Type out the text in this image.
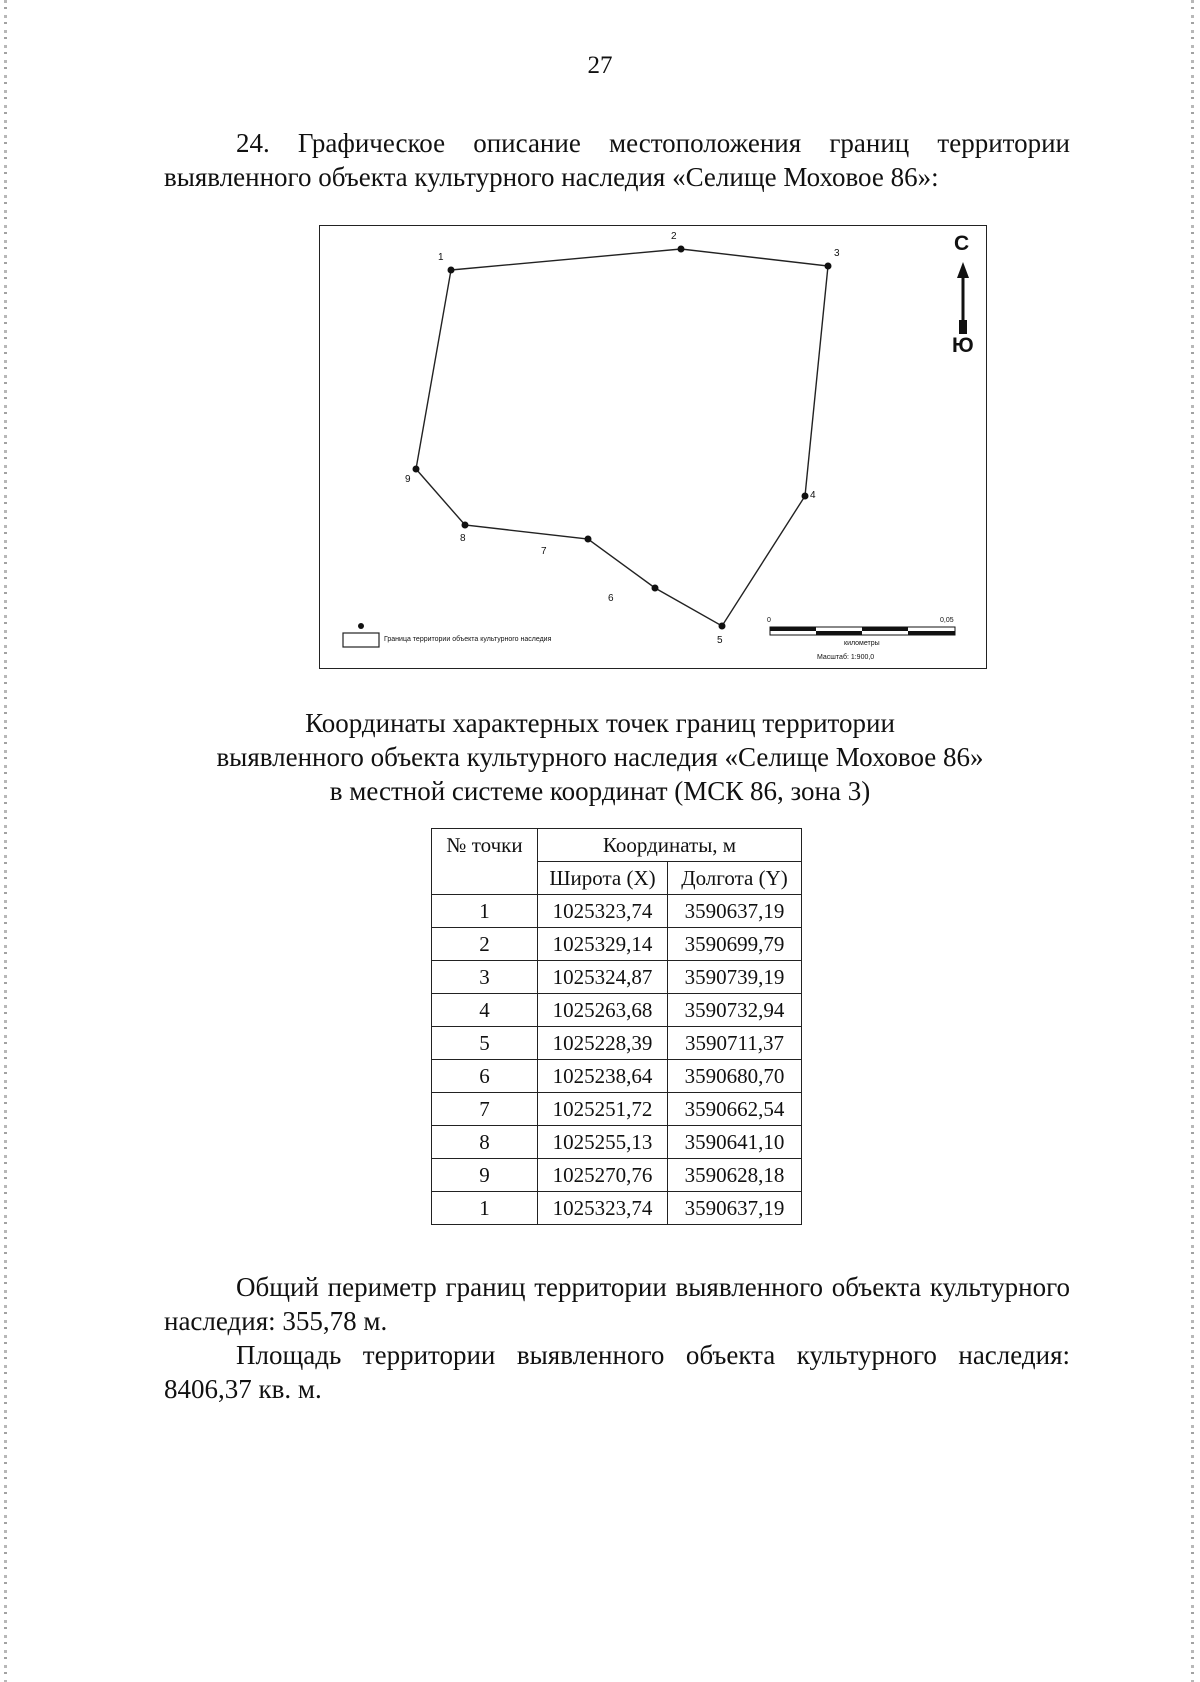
27
24. Графическое описание местоположения границ территории выявленного объекта культурного наследия «Селище Моховое 86»:
1
2
3
4
5
6
7
8
9
С
Ю
Граница территории объекта культурного наследия
0	0,05
километры
Масштаб: 1:900,0
Координаты характерных точек границ территории
выявленного объекта культурного наследия «Селище Моховое 86»
в местной системе координат (МСК 86, зона 3)
№ точки	Координаты, м	
	Широта (X)	Долгота (Y)
1	1025323,74	3590637,19
2	1025329,14	3590699,79
3	1025324,87	3590739,19
4	1025263,68	3590732,94
5	1025228,39	3590711,37
6	1025238,64	3590680,70
7	1025251,72	3590662,54
8	1025255,13	3590641,10
9	1025270,76	3590628,18
1	1025323,74	3590637,19
Общий периметр границ территории выявленного объекта культурного наследия: 355,78 м.
Площадь территории выявленного объекта культурного наследия: 8406,37 кв. м.
